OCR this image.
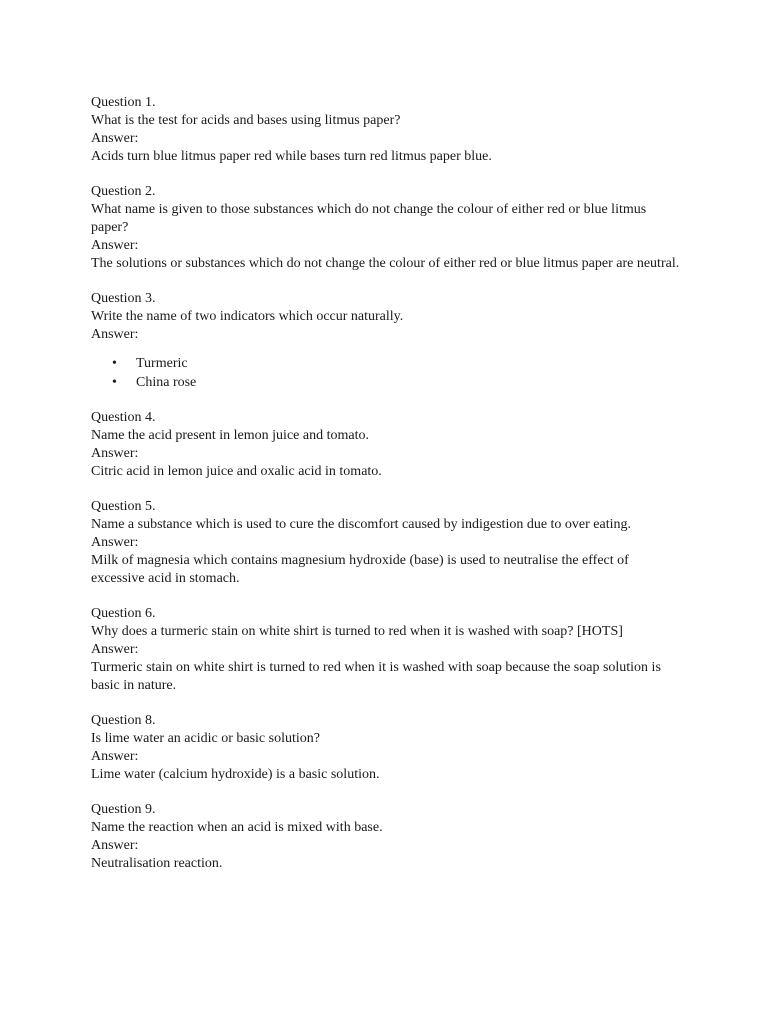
Question 1.
What is the test for acids and bases using litmus paper?
Answer:
Acids turn blue litmus paper red while bases turn red litmus paper blue.
Question 2.
What name is given to those substances which do not change the colour of either red or blue litmus paper?
Answer:
The solutions or substances which do not change the colour of either red or blue litmus paper are neutral.
Question 3.
Write the name of two indicators which occur naturally.
Answer:
• Turmeric
• China rose
Question 4.
Name the acid present in lemon juice and tomato.
Answer:
Citric acid in lemon juice and oxalic acid in tomato.
Question 5.
Name a substance which is used to cure the discomfort caused by indigestion due to over eating.
Answer:
Milk of magnesia which contains magnesium hydroxide (base) is used to neutralise the effect of excessive acid in stomach.
Question 6.
Why does a turmeric stain on white shirt is turned to red when it is washed with soap? [HOTS]
Answer:
Turmeric stain on white shirt is turned to red when it is washed with soap because the soap solution is basic in nature.
Question 8.
Is lime water an acidic or basic solution?
Answer:
Lime water (calcium hydroxide) is a basic solution.
Question 9.
Name the reaction when an acid is mixed with base.
Answer:
Neutralisation reaction.
